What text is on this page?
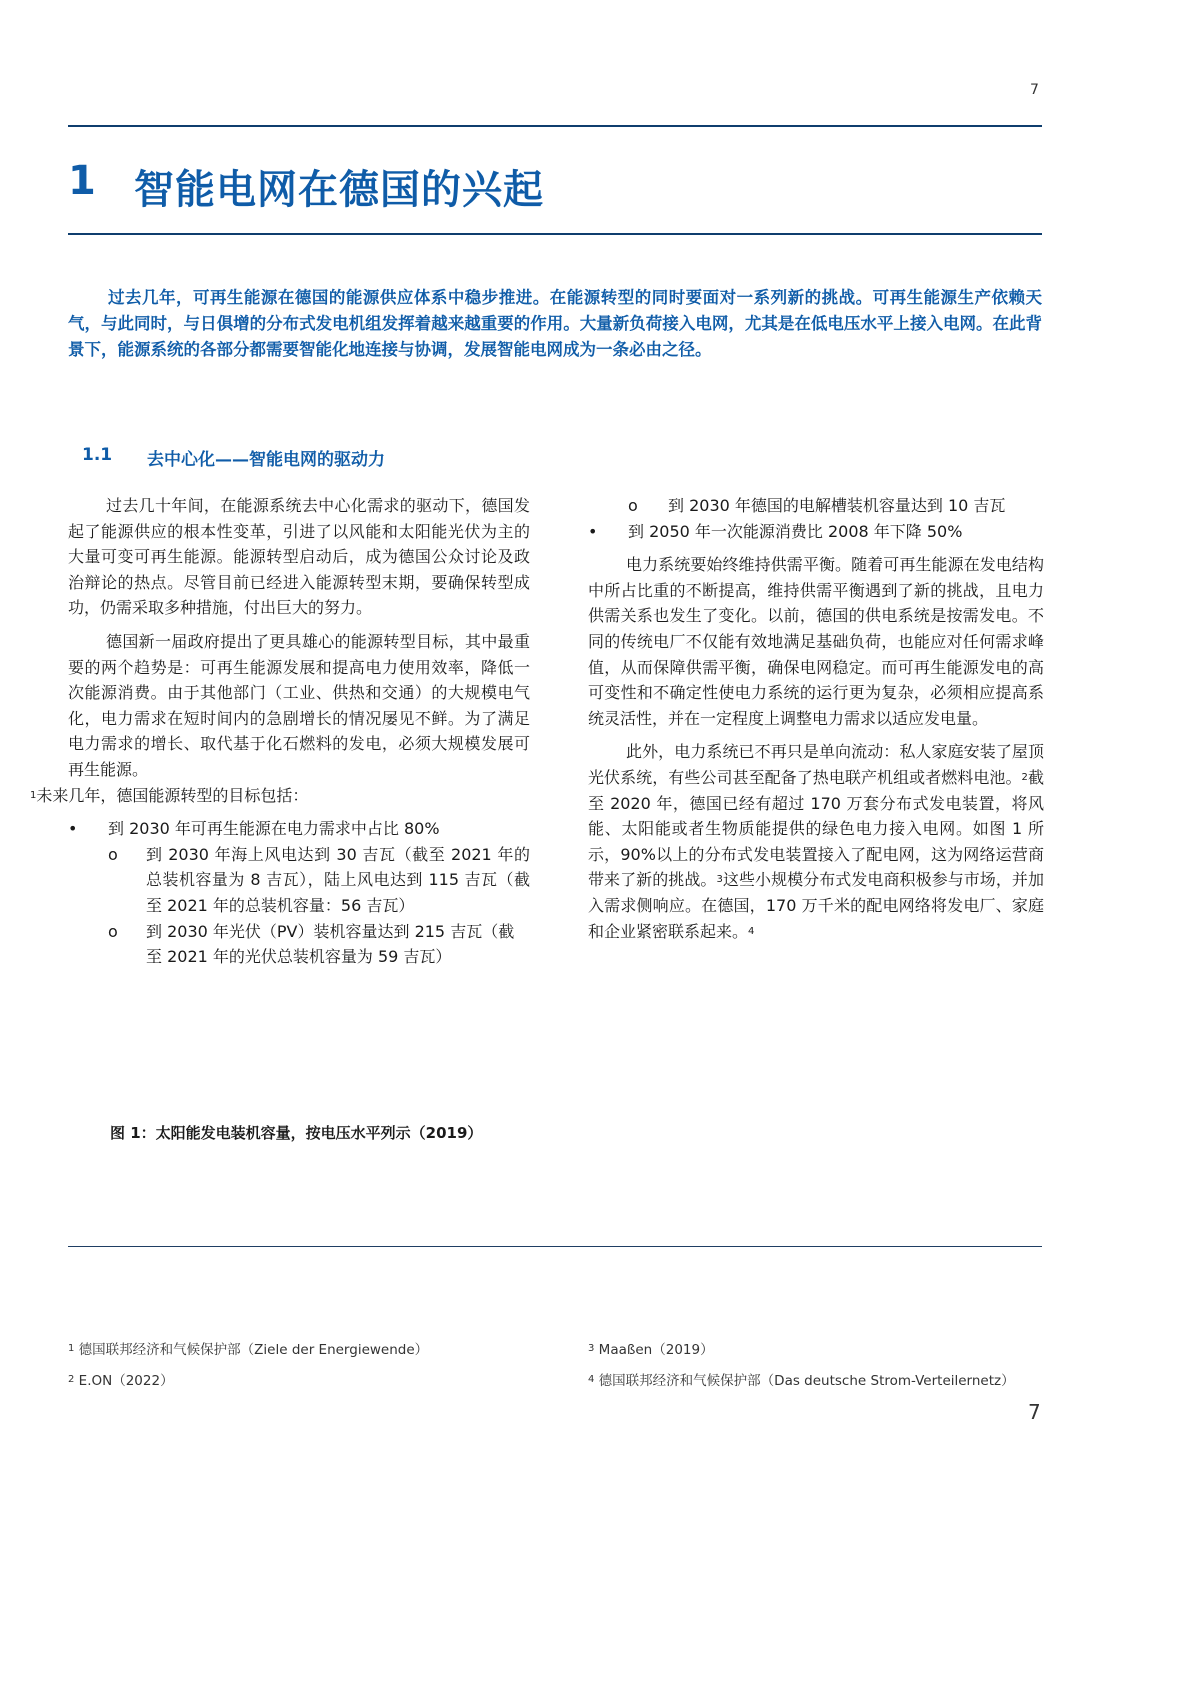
7
1 智能电网在德国的兴起

过去几年，可再生能源在德国的能源供应体系中稳步推进。在能源转型的同时要面对一系列新的挑战。可再生能源生产依赖天气，与此同时，与日俱增的分布式发电机组发挥着越来越重要的作用。大量新负荷接入电网，尤其是在低电压水平上接入电网。在此背景下，能源系统的各部分都需要智能化地连接与协调，发展智能电网成为一条必由之径。

1.1 去中心化——智能电网的驱动力

过去几十年间，在能源系统去中心化需求的驱动下，德国发起了能源供应的根本性变革，引进了以风能和太阳能光伏为主的大量可变可再生能源。能源转型启动后，成为德国公众讨论及政治辩论的热点。尽管目前已经进入能源转型末期，要确保转型成功，仍需采取多种措施，付出巨大的努力。

德国新一届政府提出了更具雄心的能源转型目标，其中最重要的两个趋势是：可再生能源发展和提高电力使用效率，降低一次能源消费。由于其他部门（工业、供热和交通）的大规模电气化，电力需求在短时间内的急剧增长的情况屡见不鲜。为了满足电力需求的增长、取代基于化石燃料的发电，必须大规模发展可再生能源。
$^1$未来几年，德国能源转型的目标包括：

•	到 2030 年可再生能源在电力需求中占比 80%
o	到 2030 年海上风电达到 30 吉瓦（截至 2021 年的总装机容量为 8 吉瓦），陆上风电达到 115 吉瓦（截至 2021 年的总装机容量：56 吉瓦）
o	到 2030 年光伏（PV）装机容量达到 215 吉瓦（截至 2021 年的光伏总装机容量为 59 吉瓦）
o	到 2030 年德国的电解槽装机容量达到 10 吉瓦
•	到 2050 年一次能源消费比 2008 年下降 50%

电力系统要始终维持供需平衡。随着可再生能源在发电结构中所占比重的不断提高，维持供需平衡遇到了新的挑战，且电力供需关系也发生了变化。以前，德国的供电系统是按需发电。不同的传统电厂不仅能有效地满足基础负荷，也能应对任何需求峰值，从而保障供需平衡，确保电网稳定。而可再生能源发电的高可变性和不确定性使电力系统的运行更为复杂，必须相应提高系统灵活性，并在一定程度上调整电力需求以适应发电量。

此外，电力系统已不再只是单向流动：私人家庭安装了屋顶光伏系统，有些公司甚至配备了热电联产机组或者燃料电池。$^2$截至 2020 年，德国已经有超过 170 万套分布式发电装置，将风能、太阳能或者生物质能提供的绿色电力接入电网。如图 1 所示，90%以上的分布式发电装置接入了配电网，这为网络运营商带来了新的挑战。$^3$这些小规模分布式发电商积极参与市场，并加入需求侧响应。在德国，170 万千米的配电网络将发电厂、家庭和企业紧密联系起来。$^4$

图 1：太阳能发电装机容量，按电压水平列示（2019）
$^1$ 德国联邦经济和气候保护部（Ziele der Energiewende）
$^2$ E.ON（2022）
$^3$ Maaßen（2019）
$^4$ 德国联邦经济和气候保护部（Das deutsche Strom-Verteilernetz）
7
